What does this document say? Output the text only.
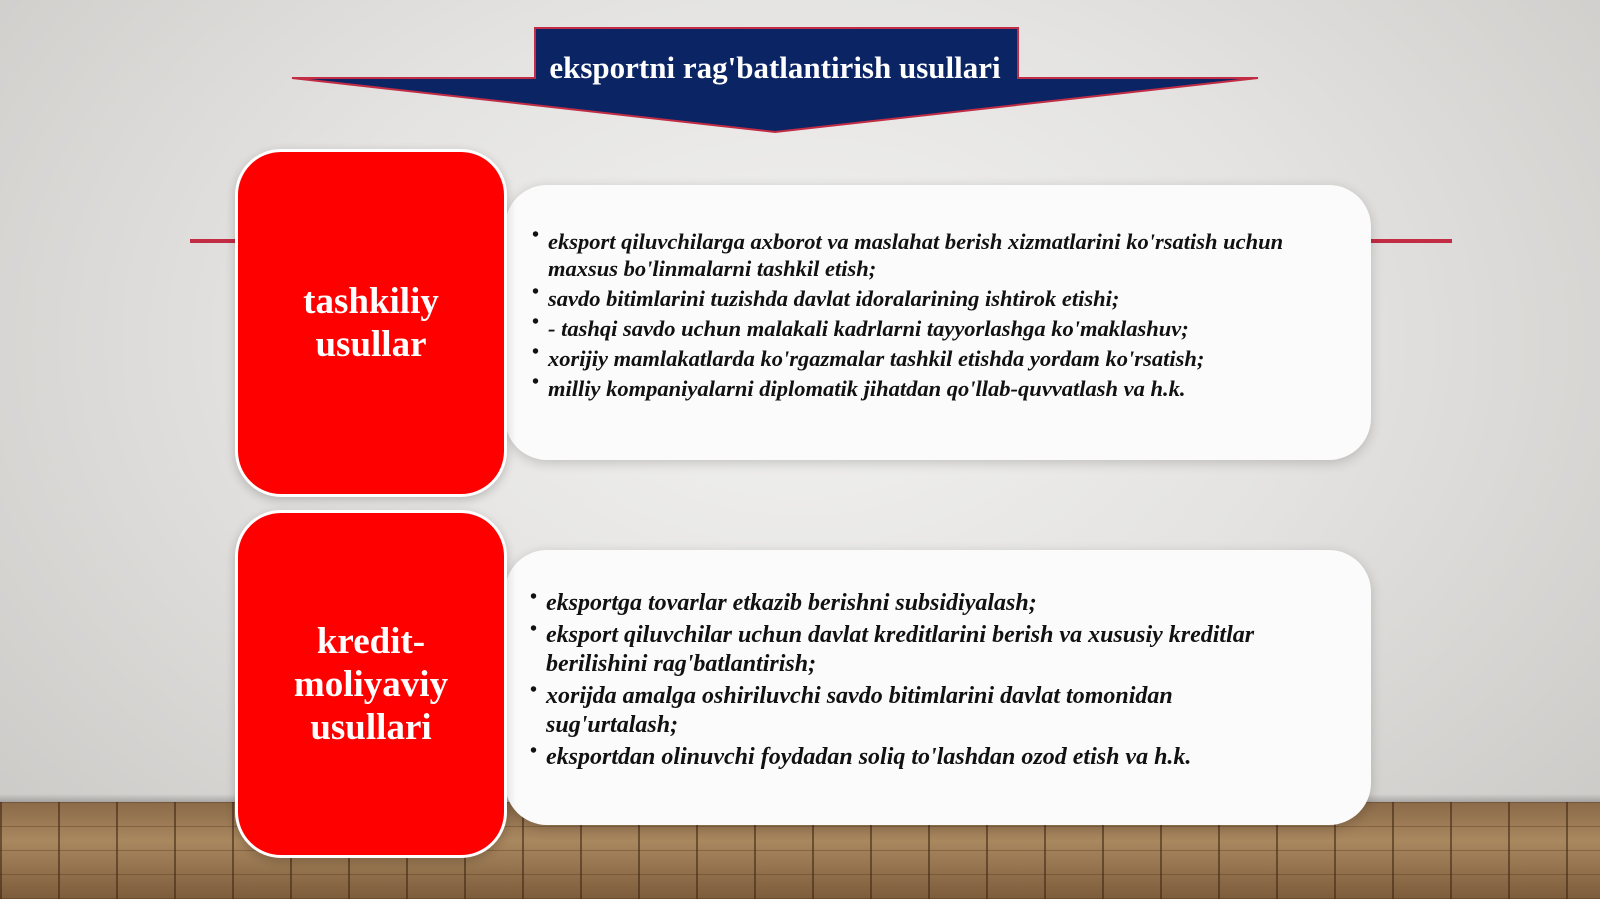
eksportni rag'batlantirish usullari
tashkiliy usullar
• eksport qiluvchilarga axborot va maslahat berish xizmatlarini ko'rsatish uchun maxsus bo'linmalarni tashkil etish;
• savdo bitimlarini tuzishda davlat idoralarining ishtirok etishi;
• - tashqi savdo uchun malakali kadrlarni tayyorlashga ko'maklashuv;
• xorijiy mamlakatlarda ko'rgazmalar tashkil etishda yordam ko'rsatish;
• milliy kompaniyalarni diplomatik jihatdan qo'llab-quvvatlash va h.k.
kredit-moliyaviy usullari
• eksportga tovarlar etkazib berishni subsidiyalash;
• eksport qiluvchilar uchun davlat kreditlarini berish va xususiy kreditlar berilishini rag'batlantirish;
• xorijda amalga oshiriluvchi savdo bitimlarini davlat tomonidan sug'urtalash;
• eksportdan olinuvchi foydadan soliq to'lashdan ozod etish va h.k.
